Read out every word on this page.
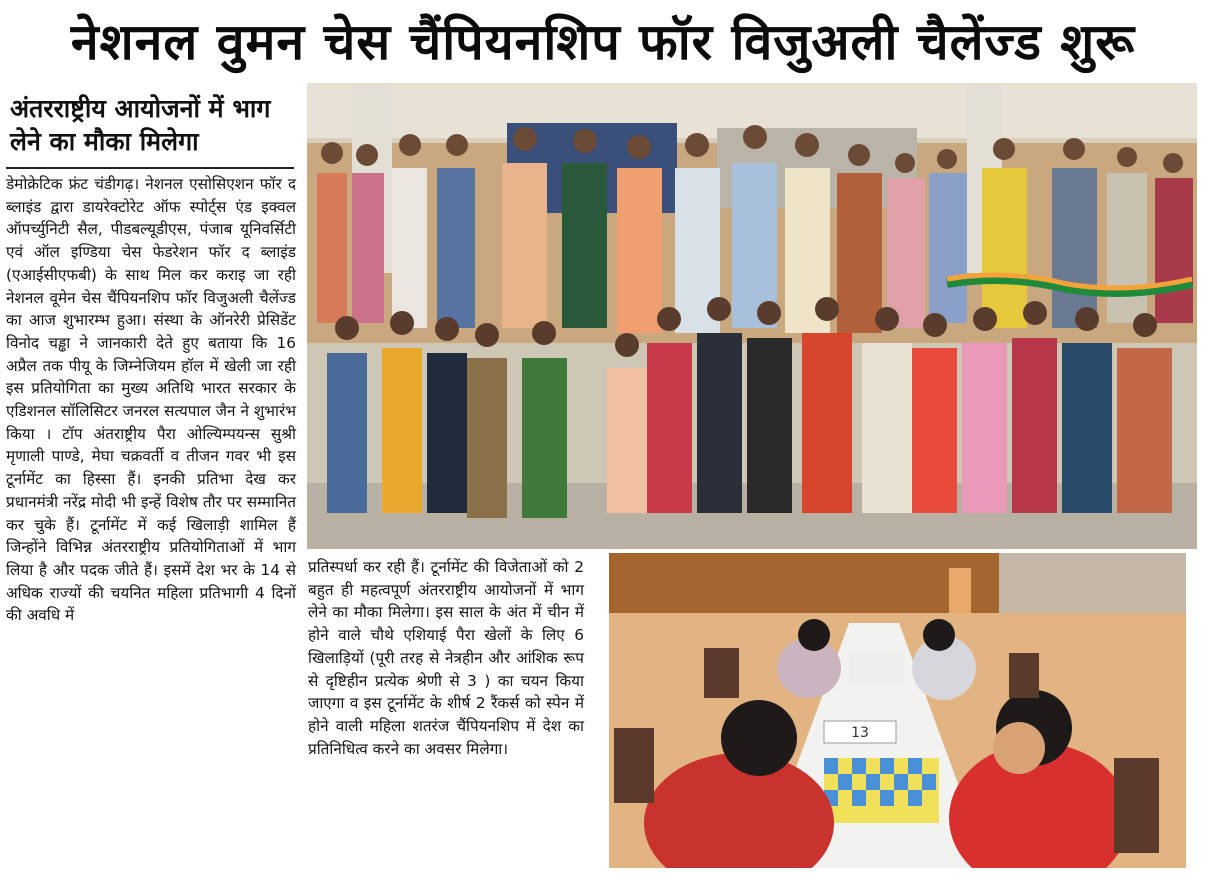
नेशनल वुमन चेस चैंपियनशिप फॉर विजुअली चैलेंज्ड शुरू
अंतरराष्ट्रीय आयोजनों में भाग लेने का मौका मिलेगा
डेमोक्रेटिक फ्रंट चंडीगढ़। नेशनल एसोसिएशन फॉर द ब्लाइंड द्वारा डायरेक्टोरेट ऑफ स्पोर्ट्स एंड इक्वल ऑपर्च्युनिटी सैल, पीडबल्यूडीएस, पंजाब यूनिवर्सिटी एवं ऑल इण्डिया चेस फेडरेशन फॉर द ब्लाइंड (एआईसीएफबी) के साथ मिल कर कराइ जा रही नेशनल वूमेन चेस चैंपियनशिप फॉर विजुअली चैलेंज्ड का आज शुभारम्भ हुआ। संस्था के ऑनरेरी प्रेसिडेंट विनोद चड्ढा ने जानकारी देते हुए बताया कि 16 अप्रैल तक पीयू के जिम्नेजियम हॉल में खेली जा रही इस प्रतियोगिता का मुख्य अतिथि भारत सरकार के एडिशनल सॉलिसिटर जनरल सत्यपाल जैन ने शुभारंभ किया । टॉप अंतराष्ट्रीय पैरा ओल्यिम्पयन्स सुश्री मृणाली पाण्डे, मेघा चक्रवर्ती व तीजन गवर भी इस टूर्नामेंट का हिस्सा हैं। इनकी प्रतिभा देख कर प्रधानमंत्री नरेंद्र मोदी भी इन्हें विशेष तौर पर सम्मानित कर चुके हैं। टूर्नामेंट में कई खिलाड़ी शामिल हैं जिन्होंने विभिन्न अंतरराष्ट्रीय प्रतियोगिताओं में भाग लिया है और पदक जीते हैं। इसमें देश भर के 14 से अधिक राज्यों की चयनित महिला प्रतिभागी 4 दिनों की अवधि में
प्रतिस्पर्धा कर रही हैं। टूर्नामेंट की विजेताओं को 2 बहुत ही महत्वपूर्ण अंतरराष्ट्रीय आयोजनों में भाग लेने का मौका मिलेगा। इस साल के अंत में चीन में होने वाले चौथे एशियाई पैरा खेलों के लिए 6 खिलाड़ियों (पूरी तरह से नेत्रहीन और आंशिक रूप से दृष्टिहीन प्रत्येक श्रेणी से 3 ) का चयन किया जाएगा व इस टूर्नामेंट के शीर्ष 2 रैंकर्स को स्पेन में होने वाली महिला शतरंज चैंपियनशिप में देश का प्रतिनिधित्व करने का अवसर मिलेगा।
13
